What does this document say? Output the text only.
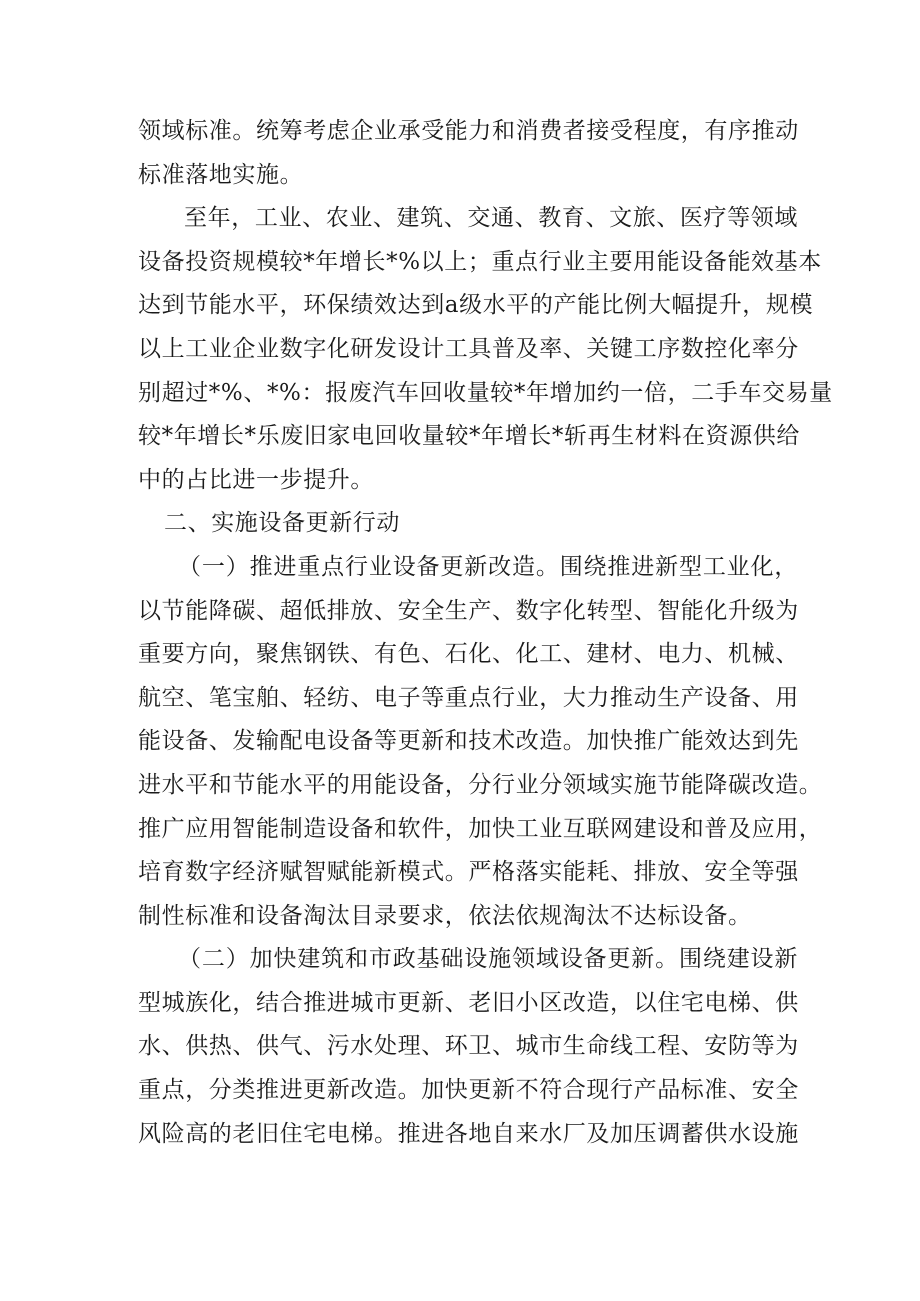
领域标准。统筹考虑企业承受能力和消费者接受程度，有序推动
标准落地实施。
至年，工业、农业、建筑、交通、教育、文旅、医疗等领域
设备投资规模较*年增长*%以上；重点行业主要用能设备能效基本
达到节能水平，环保绩效达到a级水平的产能比例大幅提升，规模
以上工业企业数字化研发设计工具普及率、关键工序数控化率分
别超过*%、*%：报废汽车回收量较*年增加约一倍，二手车交易量
较*年增长*乐废旧家电回收量较*年增长*斩再生材料在资源供给
中的占比进一步提升。
二、实施设备更新行动
（一）推进重点行业设备更新改造。围绕推进新型工业化，
以节能降碳、超低排放、安全生产、数字化转型、智能化升级为
重要方向，聚焦钢铁、有色、石化、化工、建材、电力、机械、
航空、笔宝舶、轻纺、电子等重点行业，大力推动生产设备、用
能设备、发输配电设备等更新和技术改造。加快推广能效达到先
进水平和节能水平的用能设备，分行业分领域实施节能降碳改造。
推广应用智能制造设备和软件，加快工业互联网建设和普及应用，
培育数字经济赋智赋能新模式。严格落实能耗、排放、安全等强
制性标准和设备淘汰目录要求，依法依规淘汰不达标设备。
（二）加快建筑和市政基础设施领域设备更新。围绕建设新
型城族化，结合推进城市更新、老旧小区改造，以住宅电梯、供
水、供热、供气、污水处理、环卫、城市生命线工程、安防等为
重点，分类推进更新改造。加快更新不符合现行产品标准、安全
风险高的老旧住宅电梯。推进各地自来水厂及加压调蓄供水设施
